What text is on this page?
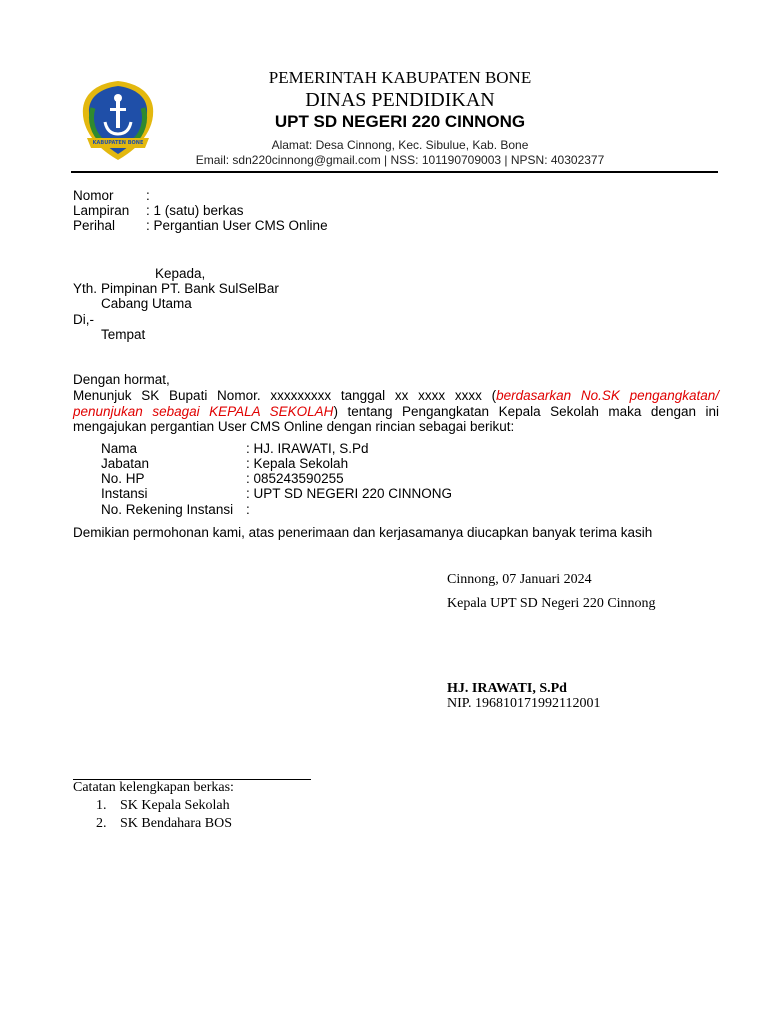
KABUPATEN BONE
PEMERINTAH KABUPATEN BONE
DINAS PENDIDIKAN
UPT SD NEGERI 220 CINNONG
Alamat: Desa Cinnong, Kec. Sibulue, Kab. Bone
Email: sdn220cinnong@gmail.com | NSS: 101190709003 | NPSN: 40302377
Nomor :
Lampiran : 1 (satu) berkas
Perihal : Pergantian User CMS Online
Kepada,
Yth. Pimpinan PT. Bank SulSelBar
Cabang Utama
Di,-
Tempat
Dengan hormat,
Menunjuk SK Bupati Nomor. xxxxxxxxx tanggal xx xxxx xxxx (berdasarkan No.SK pengangkatan/ penunjukan sebagai KEPALA SEKOLAH) tentang Pengangkatan Kepala Sekolah maka dengan ini mengajukan pergantian User CMS Online dengan rincian sebagai berikut:
Nama	: HJ. IRAWATI, S.Pd
Jabatan	: Kepala Sekolah
No. HP	: 085243590255
Instansi	: UPT SD NEGERI 220 CINNONG
No. Rekening Instansi :
Demikian permohonan kami, atas penerimaan dan kerjasamanya diucapkan banyak terima kasih
Cinnong, 07 Januari 2024
Kepala UPT SD Negeri 220 Cinnong
HJ. IRAWATI, S.Pd
NIP. 196810171992112001
Catatan kelengkapan berkas:
1. SK Kepala Sekolah
2. SK Bendahara BOS
